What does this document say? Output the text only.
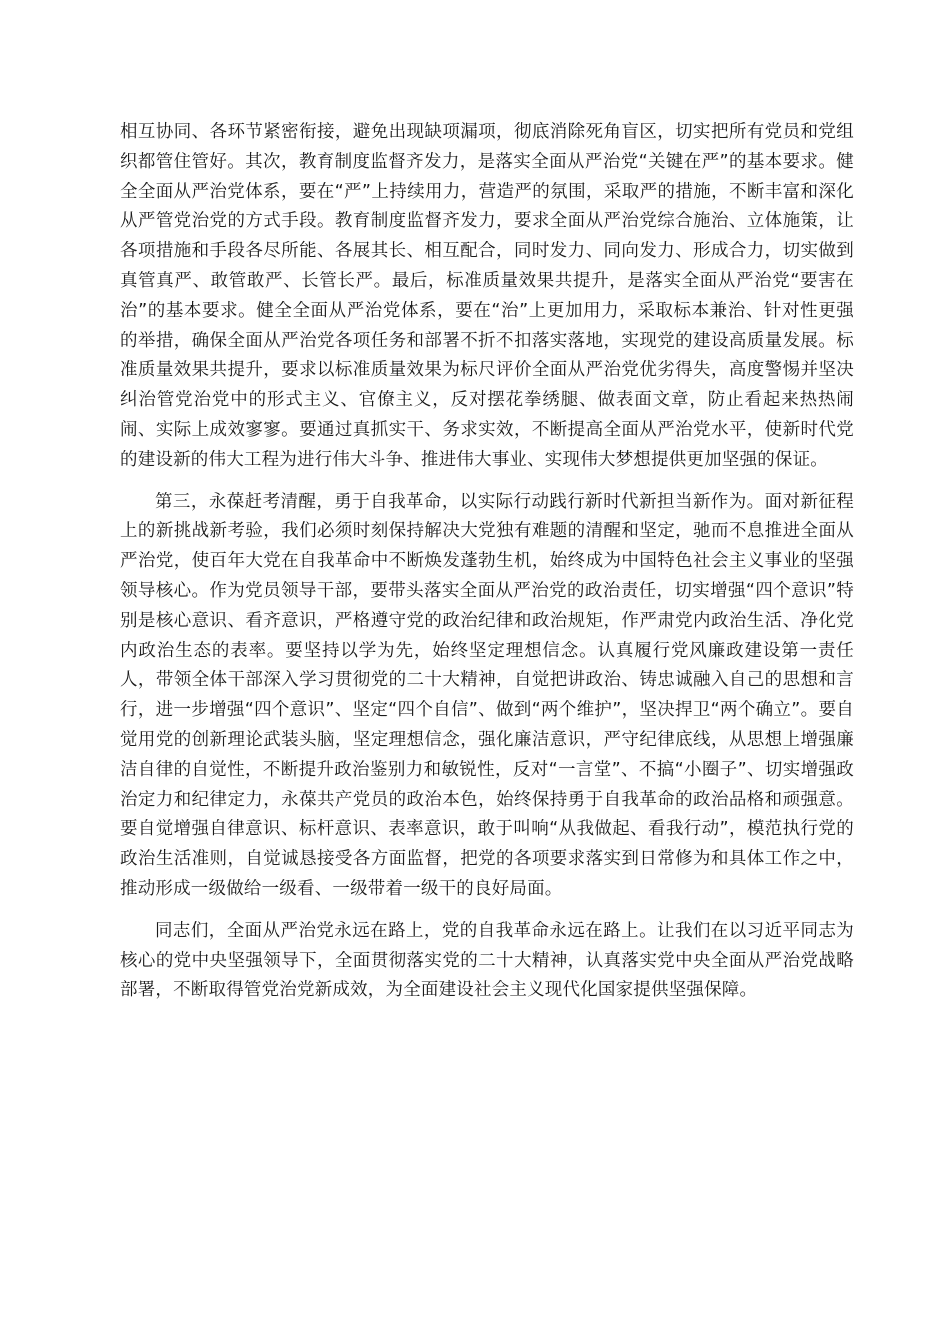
相互协同、各环节紧密衔接，避免出现缺项漏项，彻底消除死角盲区，切实把所有党员和党组织都管住管好。其次，教育制度监督齐发力，是落实全面从严治党“关键在严”的基本要求。健全全面从严治党体系，要在“严”上持续用力，营造严的氛围，采取严的措施，不断丰富和深化从严管党治党的方式手段。教育制度监督齐发力，要求全面从严治党综合施治、立体施策，让各项措施和手段各尽所能、各展其长、相互配合，同时发力、同向发力、形成合力，切实做到真管真严、敢管敢严、长管长严。最后，标准质量效果共提升，是落实全面从严治党“要害在治”的基本要求。健全全面从严治党体系，要在“治”上更加用力，采取标本兼治、针对性更强的举措，确保全面从严治党各项任务和部署不折不扣落实落地，实现党的建设高质量发展。标准质量效果共提升，要求以标准质量效果为标尺评价全面从严治党优劣得失，高度警惕并坚决纠治管党治党中的形式主义、官僚主义，反对摆花拳绣腿、做表面文章，防止看起来热热闹闹、实际上成效寥寥。要通过真抓实干、务求实效，不断提高全面从严治党水平，使新时代党的建设新的伟大工程为进行伟大斗争、推进伟大事业、实现伟大梦想提供更加坚强的保证。

第三，永葆赶考清醒，勇于自我革命，以实际行动践行新时代新担当新作为。面对新征程上的新挑战新考验，我们必须时刻保持解决大党独有难题的清醒和坚定，驰而不息推进全面从严治党，使百年大党在自我革命中不断焕发蓬勃生机，始终成为中国特色社会主义事业的坚强领导核心。作为党员领导干部，要带头落实全面从严治党的政治责任，切实增强“四个意识”特别是核心意识、看齐意识，严格遵守党的政治纪律和政治规矩，作严肃党内政治生活、净化党内政治生态的表率。要坚持以学为先，始终坚定理想信念。认真履行党风廉政建设第一责任人，带领全体干部深入学习贯彻党的二十大精神，自觉把讲政治、铸忠诚融入自己的思想和言行，进一步增强“四个意识”、坚定“四个自信”、做到“两个维护”，坚决捍卫“两个确立”。要自觉用党的创新理论武装头脑，坚定理想信念，强化廉洁意识，严守纪律底线，从思想上增强廉洁自律的自觉性，不断提升政治鉴别力和敏锐性，反对“一言堂”、不搞“小圈子”、切实增强政治定力和纪律定力，永葆共产党员的政治本色，始终保持勇于自我革命的政治品格和顽强意。要自觉增强自律意识、标杆意识、表率意识，敢于叫响“从我做起、看我行动”，模范执行党的政治生活准则，自觉诚恳接受各方面监督，把党的各项要求落实到日常修为和具体工作之中，推动形成一级做给一级看、一级带着一级干的良好局面。

同志们，全面从严治党永远在路上，党的自我革命永远在路上。让我们在以习近平同志为核心的党中央坚强领导下，全面贯彻落实党的二十大精神，认真落实党中央全面从严治党战略部署，不断取得管党治党新成效，为全面建设社会主义现代化国家提供坚强保障。
